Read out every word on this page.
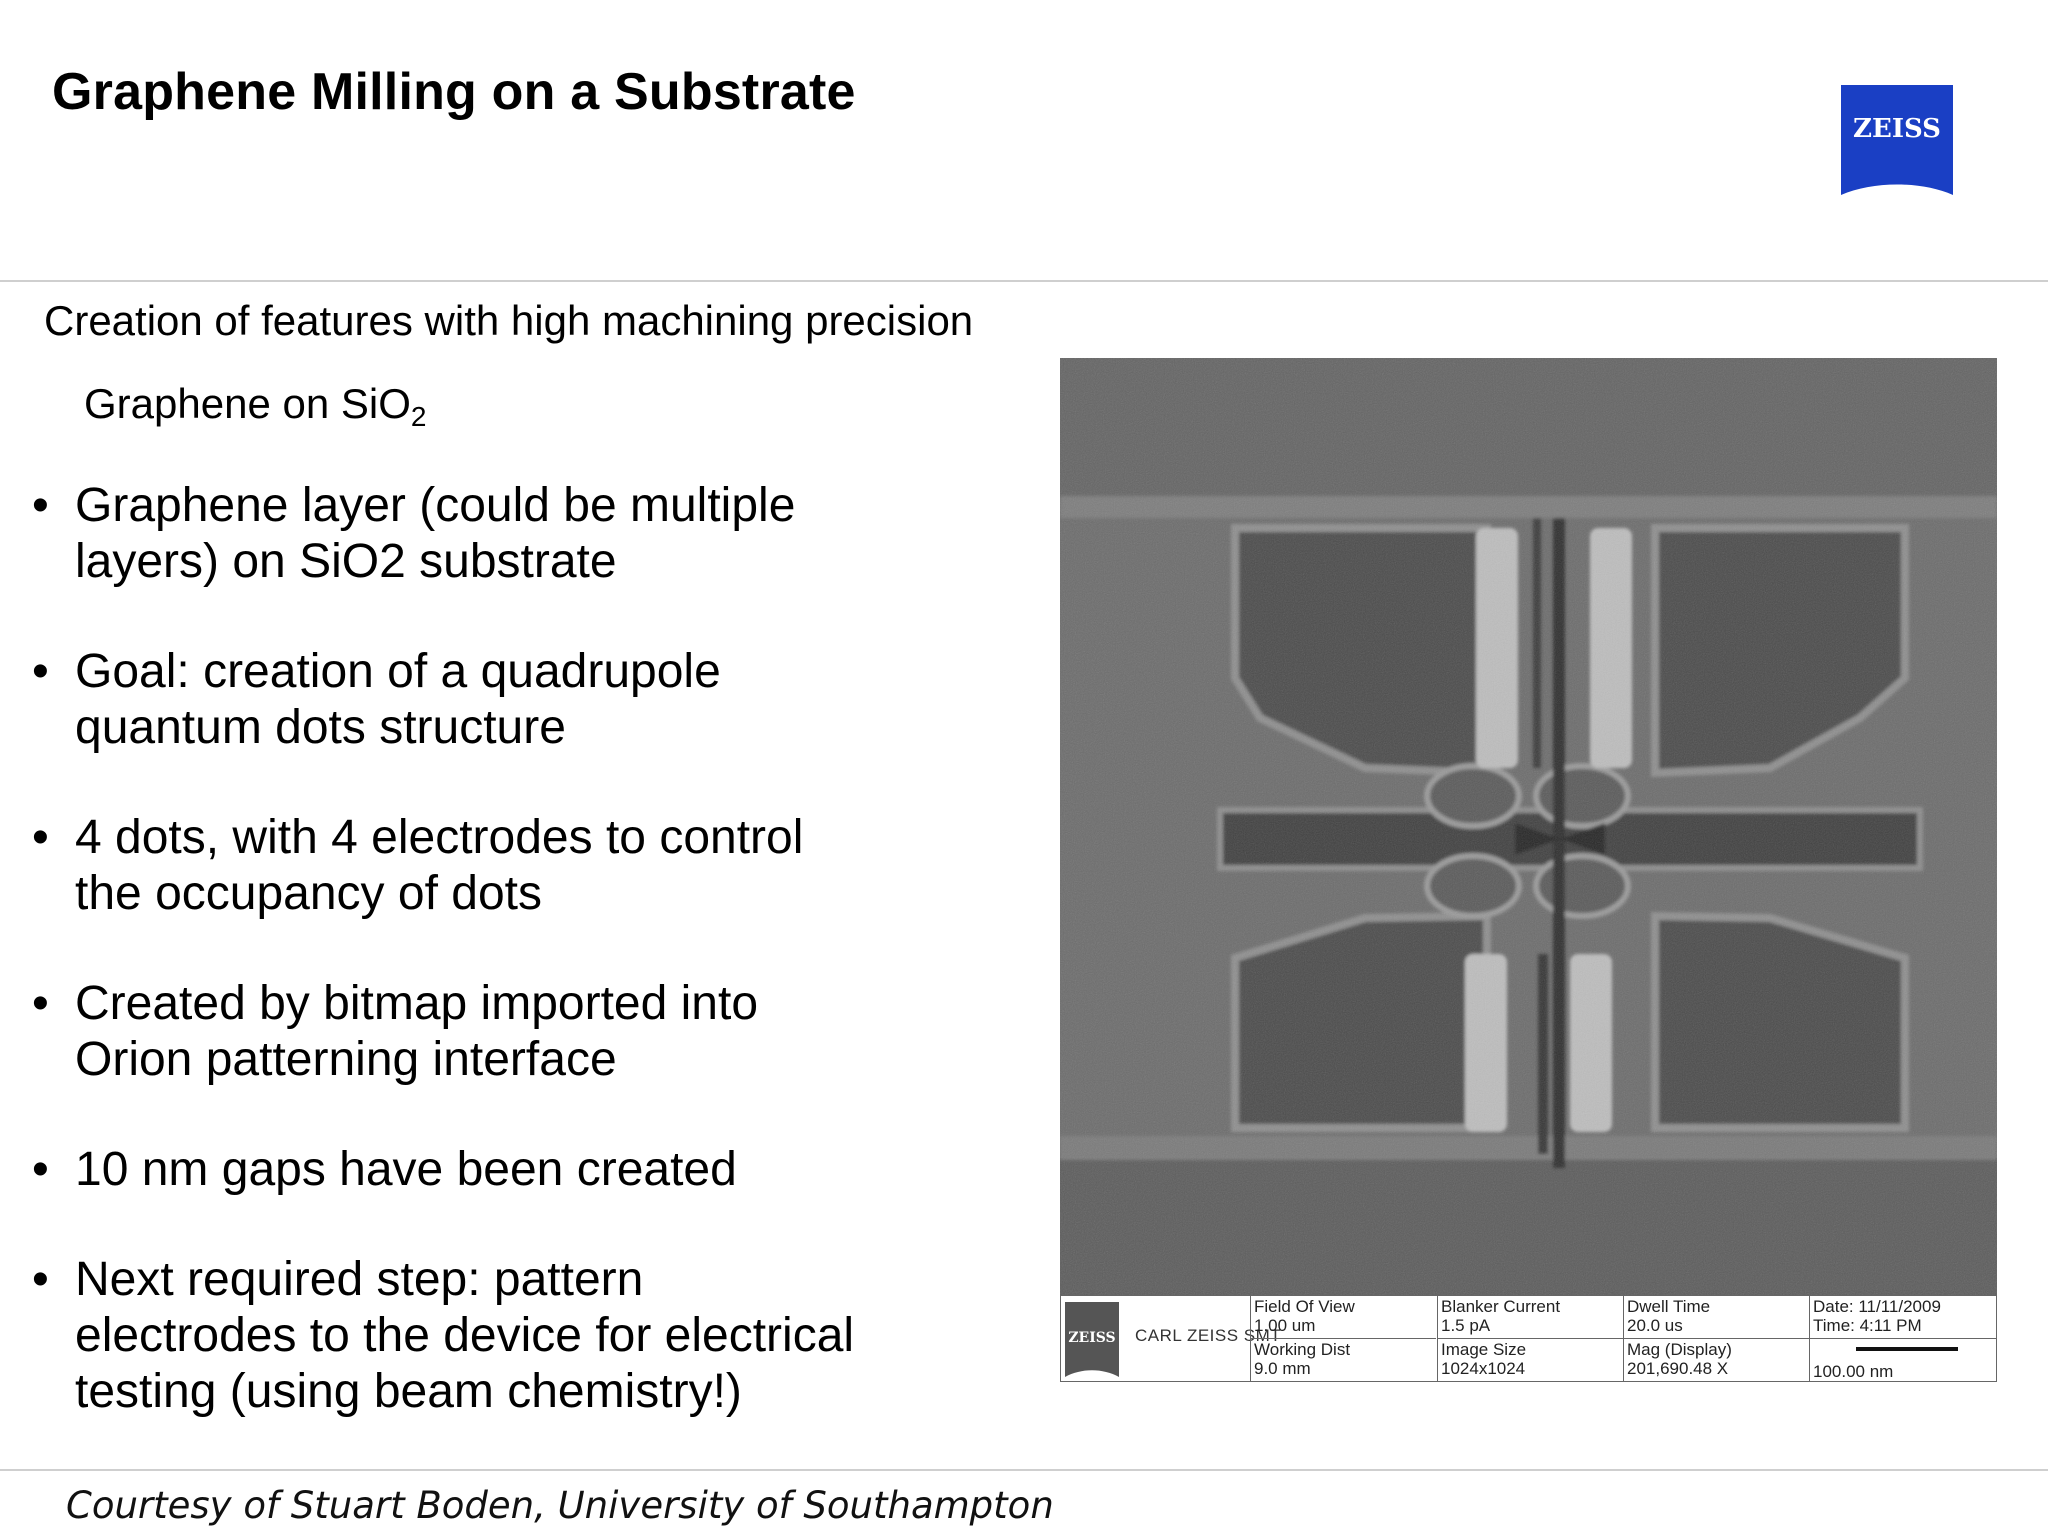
Graphene Milling on a Substrate
ZEISS
Creation of features with high machining precision
Graphene on SiO$_2$
• Graphene layer (could be multiple
layers) on SiO2 substrate
• Goal: creation of a quadrupole
quantum dots structure
• 4 dots, with 4 electrodes to control
the occupancy of dots
• Created by bitmap imported into
Orion patterning interface
• 10 nm gaps have been created
• Next required step: pattern
electrodes to the device for electrical
testing (using beam chemistry!)
ZEISS CARL ZEISS SMT
Field Of View
1.00 um
Working Dist
9.0 mm
Blanker Current
1.5 pA
Image Size
1024x1024
Dwell Time
20.0 us
Mag (Display)
201,690.48 X
Date: 11/11/2009
Time: 4:11 PM
100.00 nm
Courtesy of Stuart Boden, University of Southampton
